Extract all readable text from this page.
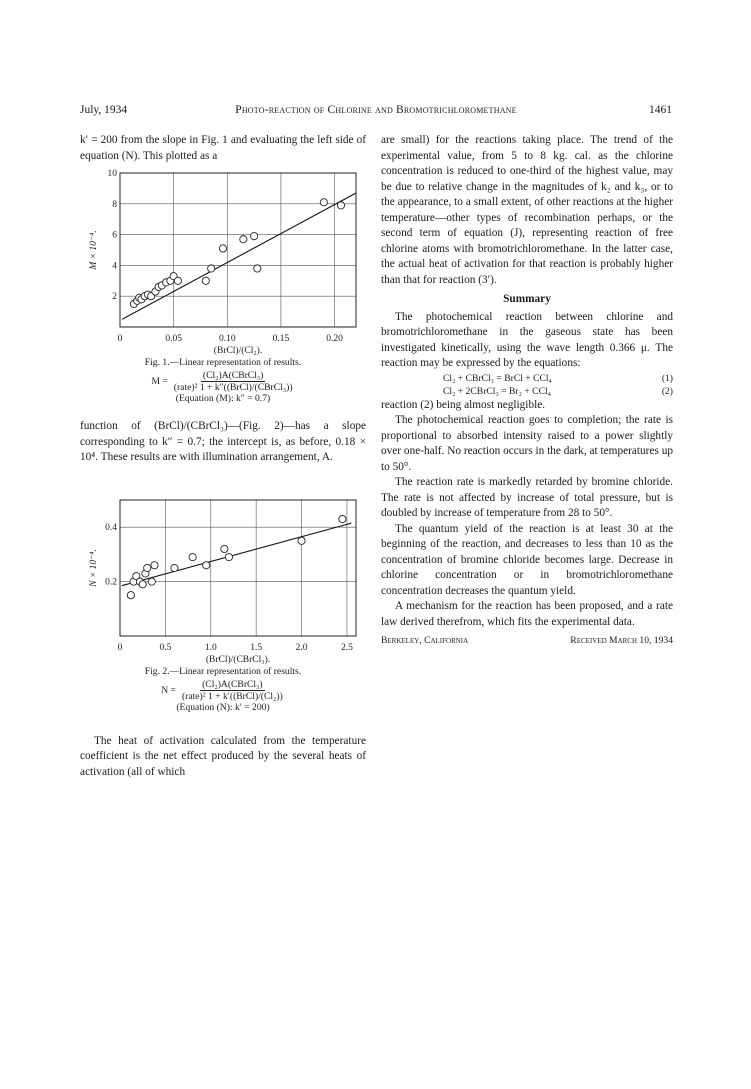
July, 1934	Photo-reaction of Chlorine and Bromotrichloromethane	1461

k′ = 200 from the slope in Fig. 1 and evaluating the left side of equation (N). This plotted as a

0	0.05	0.10	0.15	0.20
2
4
6
8
10
(BrCl)/(Cl₂).
M × 10⁻⁴.
Fig. 1.—Linear representation of results.
$M = \frac{\text{(Cl₂)A(CBrCl₃)}}{\text{(rate)² 1 + k″((BrCl)/(CBrCl₃))}}$
(Equation (M): k″ = 0.7)

function of (BrCl)/(CBrCl₃)—(Fig. 2)—has a slope corresponding to k″ = 0.7; the intercept is, as before, 0.18 × 10⁴. These results are with illumination arrangement, A.

0	0.5	1.0	1.5	2.0	2.5
0.2
0.4
(BrCl)/(CBrCl₃).
N × 10⁻⁴.
Fig. 2.—Linear representation of results.
$N = \frac{\text{(Cl₂)A(CBrCl₃)}}{\text{(rate)² 1 + k′((BrCl)/(Cl₂))}}$
(Equation (N): k′ = 200)

The heat of activation calculated from the temperature coefficient is the net effect produced by the several heats of activation (all of which

are small) for the reactions taking place. The trend of the experimental value, from 5 to 8 kg. cal. as the chlorine concentration is reduced to one-third of the highest value, may be due to relative change in the magnitudes of k₂ and k₃, or to the appearance, to a small extent, of other reactions at the higher temperature—other types of recombination perhaps, or the second term of equation (J), representing reaction of free chlorine atoms with bromotrichloromethane. In the latter case, the actual heat of activation for that reaction is probably higher than that for reaction (3′).

Summary

The photochemical reaction between chlorine and bromotrichloromethane in the gaseous state has been investigated kinetically, using the wave length 0.366 μ. The reaction may be expressed by the equations:

Cl₂ + CBrCl₃ = BrCl + CCl₄	(1)
Cl₂ + 2CBrCl₃ = Br₂ + CCl₄	(2)

reaction (2) being almost negligible.

The photochemical reaction goes to completion; the rate is proportional to absorbed intensity raised to a power slightly over one-half. No reaction occurs in the dark, at temperatures up to 50°.

The reaction rate is markedly retarded by bromine chloride. The rate is not affected by increase of total pressure, but is doubled by increase of temperature from 28 to 50°.

The quantum yield of the reaction is at least 30 at the beginning of the reaction, and decreases to less than 10 as the concentration of bromine chloride becomes large. Decrease in chlorine concentration or in bromotrichloromethane concentration decreases the quantum yield.

A mechanism for the reaction has been proposed, and a rate law derived therefrom, which fits the experimental data.

Berkeley, California	Received March 10, 1934
